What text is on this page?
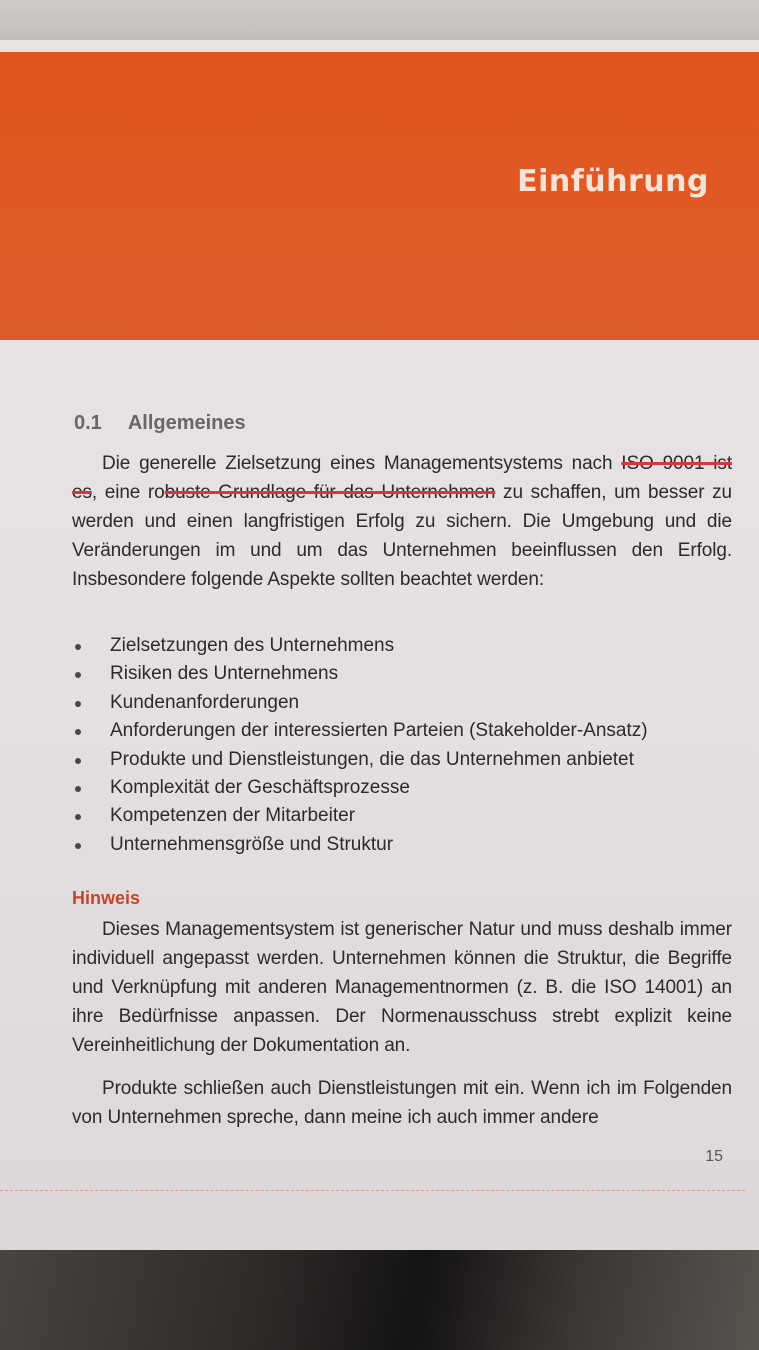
Einführung
0.1 Allgemeines
Die generelle Zielsetzung eines Managementsystems nach ISO 9001 ist es, eine robuste Grundlage für das Unternehmen zu schaffen, um besser zu werden und einen langfristigen Erfolg zu sichern. Die Umgebung und die Veränderungen im und um das Unternehmen beeinflussen den Erfolg. Insbesondere folgende Aspekte sollten beachtet werden:
Zielsetzungen des Unternehmens
Risiken des Unternehmens
Kundenanforderungen
Anforderungen der interessierten Parteien (Stakeholder-Ansatz)
Produkte und Dienstleistungen, die das Unternehmen anbietet
Komplexität der Geschäftsprozesse
Kompetenzen der Mitarbeiter
Unternehmensgröße und Struktur
Hinweis
Dieses Managementsystem ist generischer Natur und muss deshalb immer individuell angepasst werden. Unternehmen können die Struktur, die Begriffe und Verknüpfung mit anderen Managementnormen (z. B. die ISO 14001) an ihre Bedürfnisse anpassen. Der Normenausschuss strebt explizit keine Vereinheitlichung der Dokumentation an.
Produkte schließen auch Dienstleistungen mit ein. Wenn ich im Folgenden von Unternehmen spreche, dann meine ich auch immer andere
15
